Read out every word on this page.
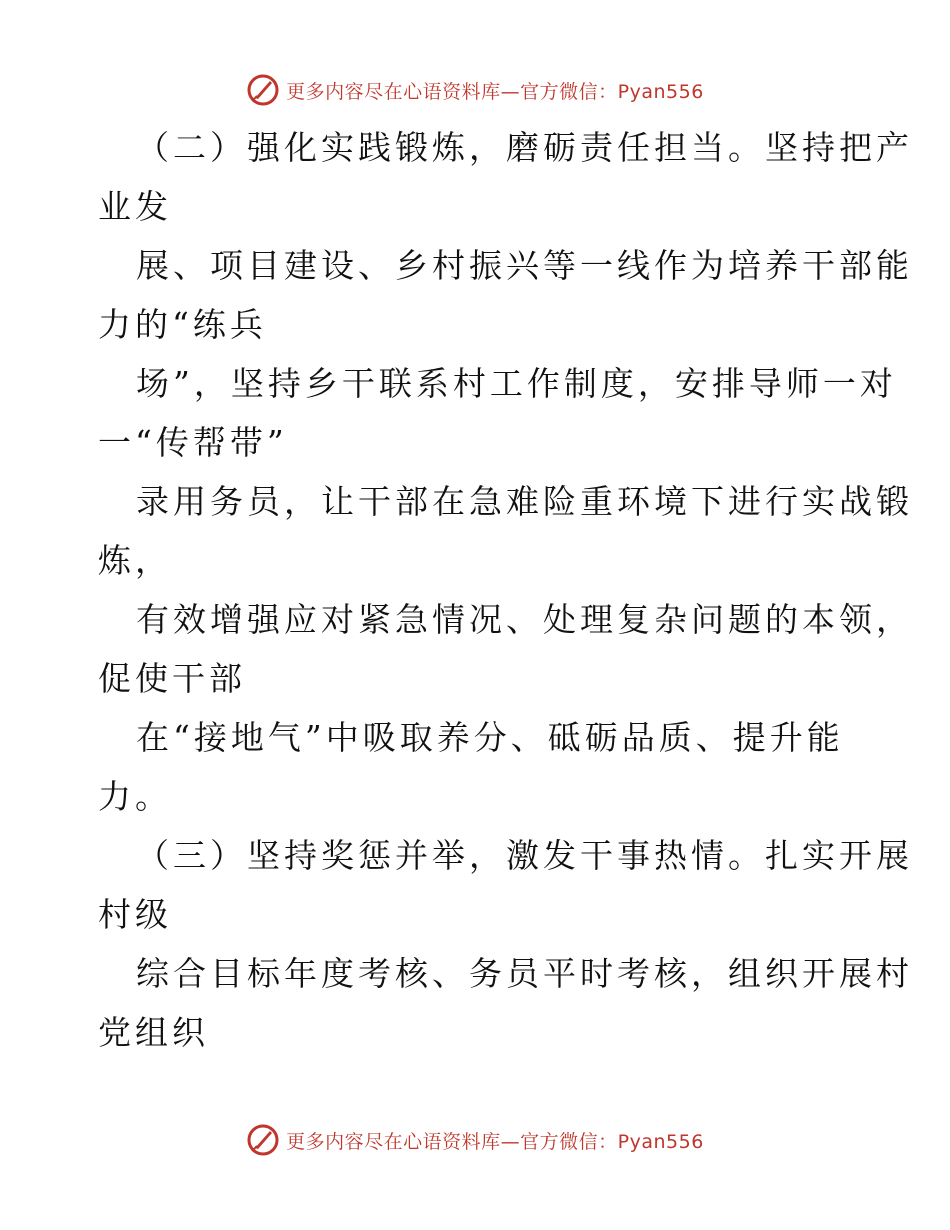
更多内容尽在心语资料库—官方微信：Pyan556
（二）强化实践锻炼，磨砺责任担当。坚持把产
业发
展、项目建设、乡村振兴等一线作为培养干部能
力的“练兵
场”，坚持乡干联系村工作制度，安排导师一对
一“传帮带”
录用务员，让干部在急难险重环境下进行实战锻
炼，
有效增强应对紧急情况、处理复杂问题的本领，
促使干部
在“接地气”中吸取养分、砥砺品质、提升能
力。
（三）坚持奖惩并举，激发干事热情。扎实开展
村级
综合目标年度考核、务员平时考核，组织开展村
党组织
更多内容尽在心语资料库—官方微信：Pyan556
